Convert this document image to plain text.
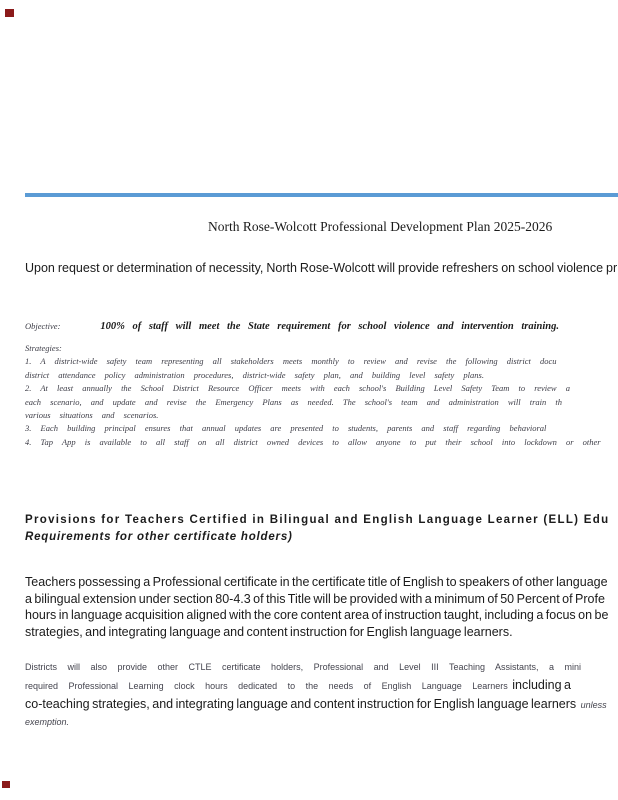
North Rose-Wolcott Professional Development Plan 2025-2026
Upon request or determination of necessity, North Rose-Wolcott will provide refreshers on school violence pr
Objective:	100% of staff will meet the State requirement for school violence and intervention training.
Strategies:
1. A district-wide safety team representing all stakeholders meets monthly to review and revise the following district docu
district attendance policy administration procedures, district-wide safety plan, and building level safety plans.
2. At least annually the School District Resource Officer meets with each school's Building Level Safety Team to review a
each scenario, and update and revise the Emergency Plans as needed. The school's team and administration will train th
various situations and scenarios.
3. Each building principal ensures that annual updates are presented to students, parents and staff regarding behavioral
4. Tap App is available to all staff on all district owned devices to allow anyone to put their school into lockdown or other
Provisions for Teachers Certified in Bilingual and English Language Learner (ELL) Edu
Requirements for other certificate holders)
Teachers possessing a Professional certificate in the certificate title of English to speakers of other language
a bilingual extension under section 80-4.3 of this Title will be provided with a minimum of 50 Percent of Profe
hours in language acquisition aligned with the core content area of instruction taught, including a focus on be
strategies, and integrating language and content instruction for English language learners.
Districts will also provide other CTLE certificate holders, Professional and Level III Teaching Assistants, a mini
required Professional Learning clock hours dedicated to the needs of English Language Learners including a
co-teaching strategies, and integrating language and content instruction for English language learners unless
exemption.
